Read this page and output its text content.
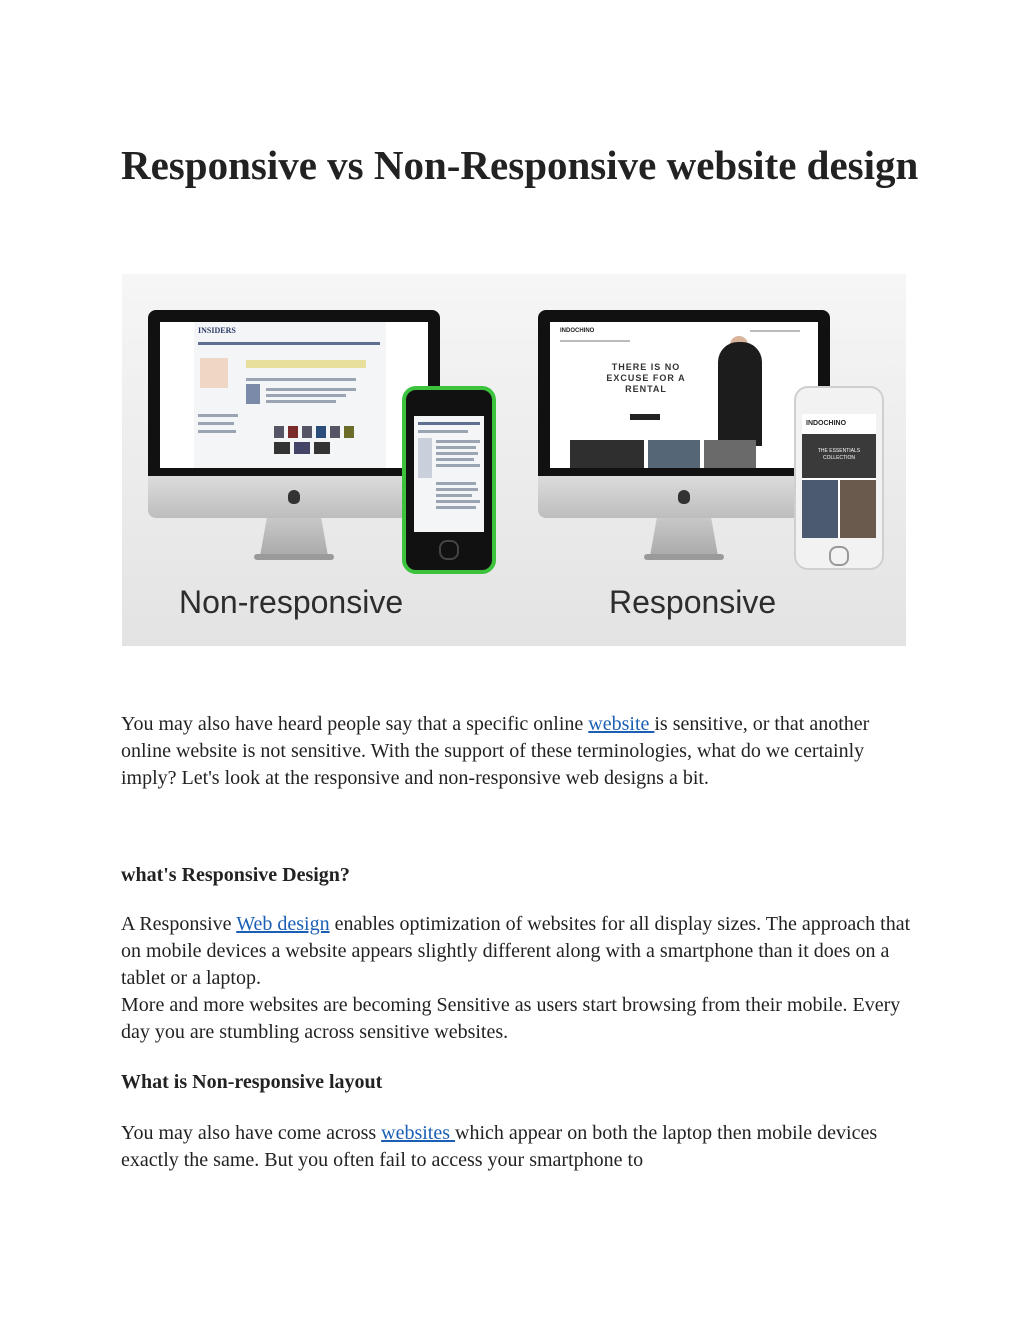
Responsive vs Non-Responsive website design
INSIDERS	INDOCHINO
THERE IS NO EXCUSE FOR A RENTAL
INDOCHINO
THE ESSENTIALS COLLECTION
Non-responsive	Responsive

You may also have heard people say that a specific online website is sensitive, or that another online website is not sensitive. With the support of these terminologies, what do we certainly imply? Let's look at the responsive and non-responsive web designs a bit.

what's Responsive Design?

A Responsive Web design enables optimization of websites for all display sizes. The approach that on mobile devices a website appears slightly different along with a smartphone than it does on a tablet or a laptop.

More and more websites are becoming Sensitive as users start browsing from their mobile. Every day you are stumbling across sensitive websites.

What is Non-responsive layout

You may also have come across websites which appear on both the laptop then mobile devices exactly the same. But you often fail to access your smartphone to
